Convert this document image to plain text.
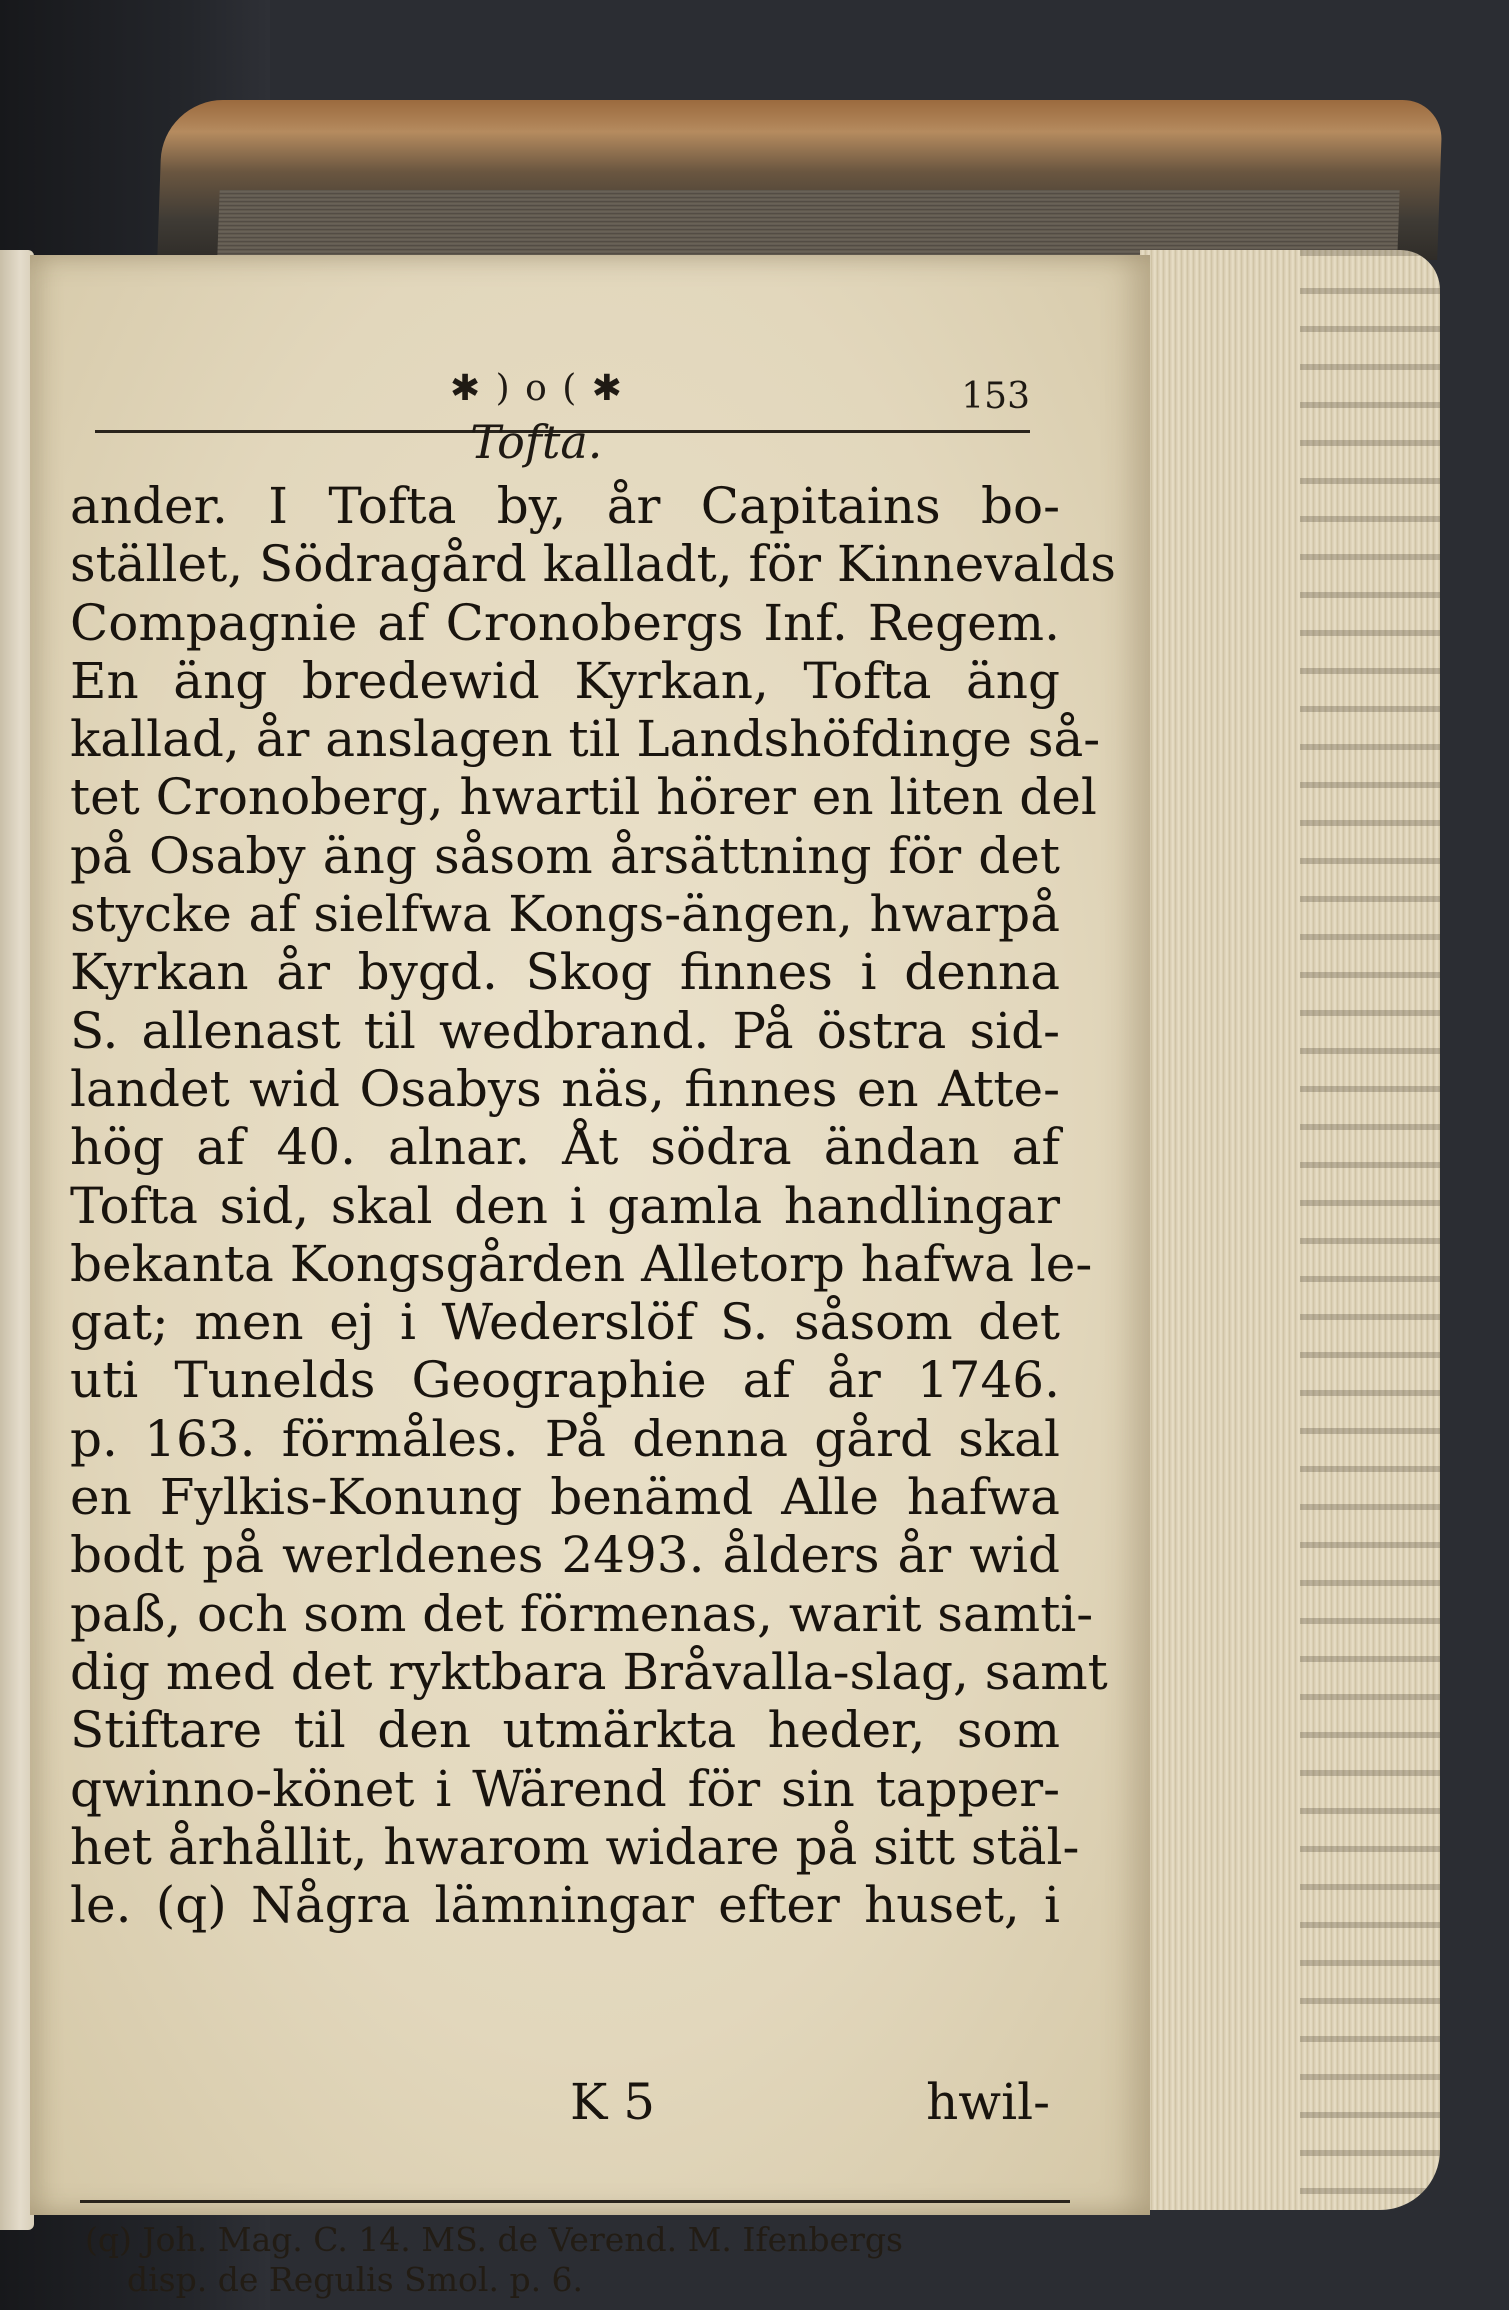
✱ ) o ( ✱	153
Tofta.
ander. I Tofta by, år Capitains bo-
stället, Södragård kalladt, för Kinnevalds
Compagnie af Cronobergs Inf. Regem.
En äng bredewid Kyrkan, Tofta äng
kallad, år anslagen til Landshöfdinge så-
tet Cronoberg, hwartil hörer en liten del
på Osaby äng såsom årsättning för det
stycke af sielfwa Kongs-ängen, hwarpå
Kyrkan år bygd. Skog finnes i denna
S. allenast til wedbrand. På östra sid-
landet wid Osabys näs, finnes en Atte-
hög af 40. alnar. Åt södra ändan af
Tofta sid, skal den i gamla handlingar
bekanta Kongsgården Alletorp hafwa le-
gat; men ej i Wederslöf S. såsom det
uti Tunelds Geographie af år 1746.
p. 163. förmåles. På denna gård skal
en Fylkis-Konung benämd Alle hafwa
bodt på werldenes 2493. ålders år wid
paß, och som det förmenas, warit samti-
dig med det ryktbara Bråvalla-slag, samt
Stiftare til den utmärkta heder, som
qwinno-könet i Wärend för sin tapper-
het århållit, hwarom widare på sitt stäl-
le. (q) Några lämningar efter huset, i
K 5	hwil-
(q) Joh. Mag. C. 14. MS. de Verend. M. Ifenbergs
disp. de Regulis Smol. p. 6.
